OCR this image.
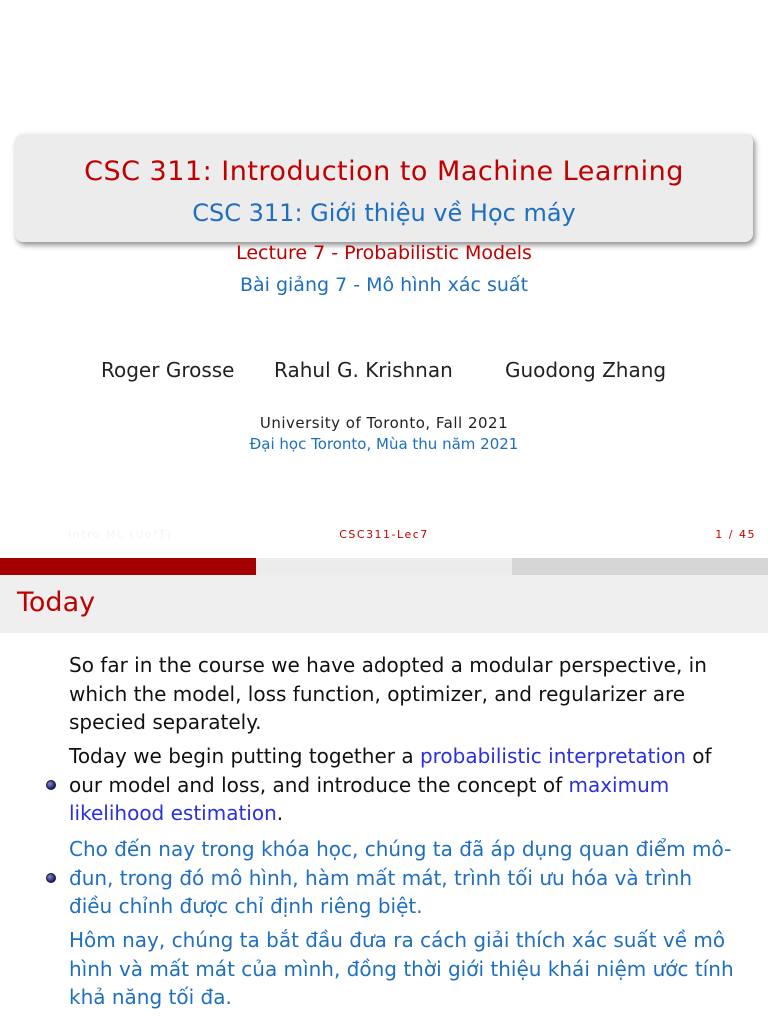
CSC 311: Introduction to Machine Learning
CSC 311: Giới thiệu về Học máy
Lecture 7 - Probabilistic Models
Bài giảng 7 - Mô hình xác suất
Roger Grosse Rahul G. Krishnan	Guodong Zhang
University of Toronto, Fall 2021
Đại học Toronto, Mùa thu năm 2021
Intro ML (UofT)	CSC311-Lec7	1 / 45
Today
So far in the course we have adopted a modular perspective, in which the model, loss function, optimizer, and regularizer are specied separately.
Today we begin putting together a probabilistic interpretation of our model and loss, and introduce the concept of maximum likelihood estimation.
Cho đến nay trong khóa học, chúng ta đã áp dụng quan điểm mô-đun, trong đó mô hình, hàm mất mát, trình tối ưu hóa và trình điều chỉnh được chỉ định riêng biệt.
Hôm nay, chúng ta bắt đầu đưa ra cách giải thích xác suất về mô hình và mất mát của mình, đồng thời giới thiệu khái niệm ước tính khả năng tối đa.
